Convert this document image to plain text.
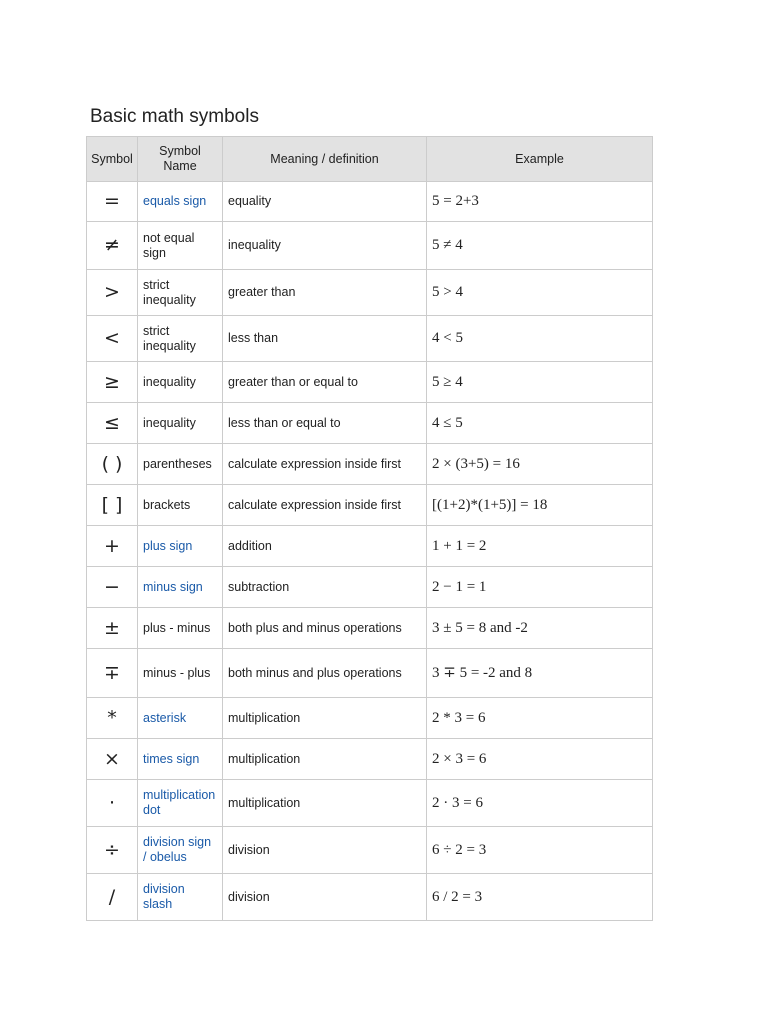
Basic math symbols
Symbol	Symbol Name	Meaning / definition	Example
=	equals sign	equality	5 = 2+3
≠	not equal sign	inequality	5 ≠ 4
>	strict inequality	greater than	5 > 4
<	strict inequality	less than	4 < 5
≥	inequality	greater than or equal to	5 ≥ 4
≤	inequality	less than or equal to	4 ≤ 5
( )	parentheses	calculate expression inside first	2 × (3+5) = 16
[ ]	brackets	calculate expression inside first	[(1+2)*(1+5)] = 18
+	plus sign	addition	1 + 1 = 2
−	minus sign	subtraction	2 − 1 = 1
±	plus - minus	both plus and minus operations	3 ± 5 = 8 and -2
∓	minus - plus	both minus and plus operations	3 ∓ 5 = -2 and 8
*	asterisk	multiplication	2 * 3 = 6
×	times sign	multiplication	2 × 3 = 6
·	multiplication dot	multiplication	2 · 3 = 6
÷	division sign / obelus	division	6 ÷ 2 = 3
/	division slash	division	6 / 2 = 3
